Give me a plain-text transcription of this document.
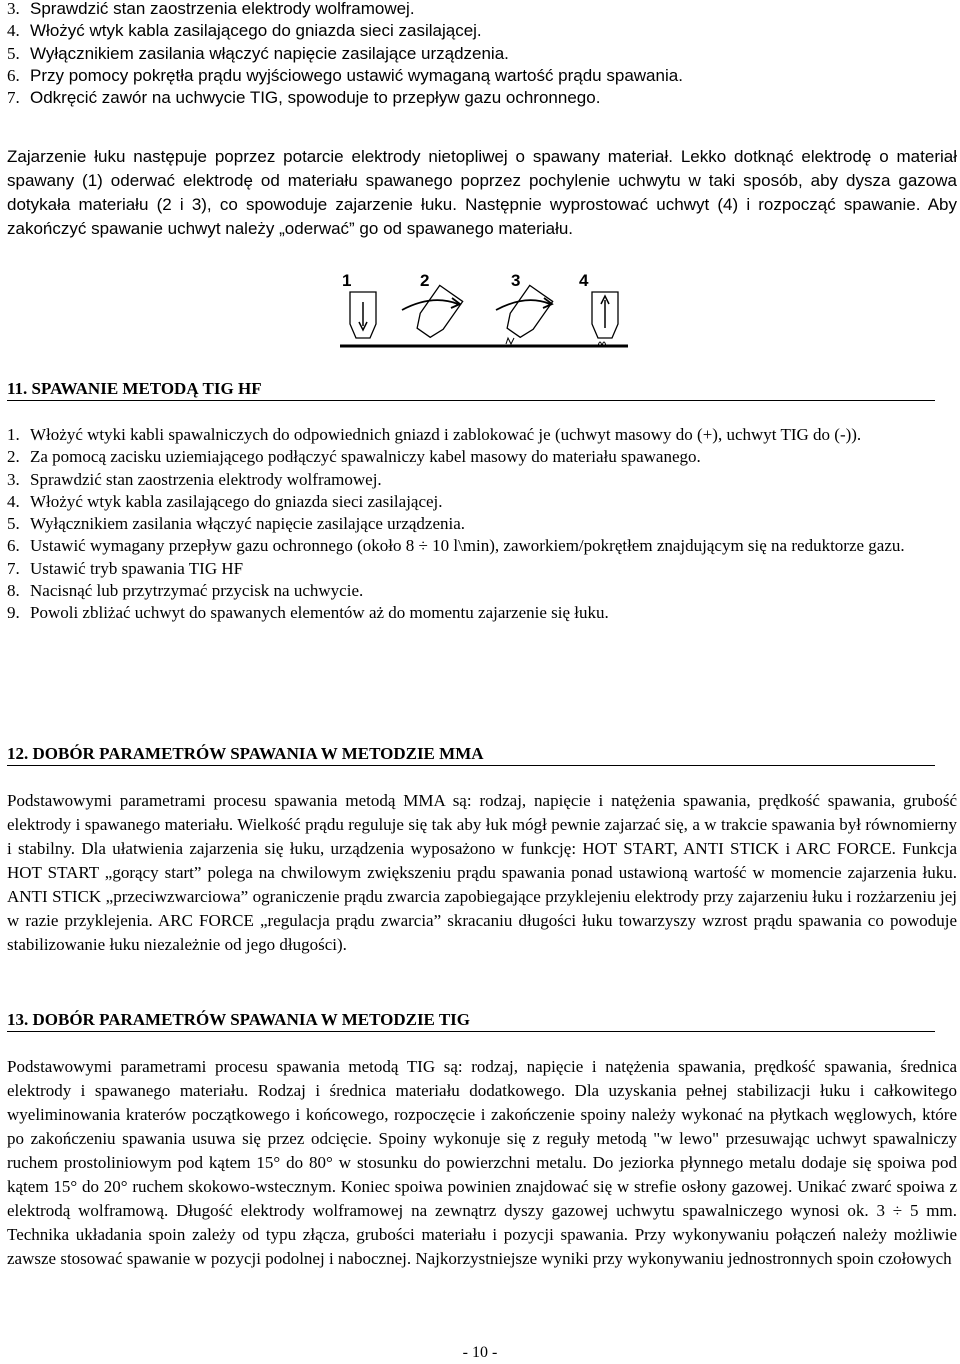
3. Sprawdzić stan zaostrzenia elektrody wolframowej.
4. Włożyć wtyk kabla zasilającego do gniazda sieci zasilającej.
5. Wyłącznikiem zasilania włączyć napięcie zasilające urządzenia.
6. Przy pomocy pokrętła prądu wyjściowego ustawić wymaganą wartość prądu spawania.
7. Odkręcić zawór na uchwycie TIG, spowoduje to przepływ gazu ochronnego.

Zajarzenie łuku następuje poprzez potarcie elektrody nietopliwej o spawany materiał. Lekko dotknąć elektrodę o materiał spawany (1) oderwać elektrodę od materiału spawanego poprzez pochylenie uchwytu w taki sposób, aby dysza gazowa dotykała materiału (2 i 3), co spowoduje zajarzenie łuku. Następnie wyprostować uchwyt (4) i rozpocząć spawanie. Aby zakończyć spawanie uchwyt należy „oderwać” go od spawanego materiału.

1	2	3	4
11. SPAWANIE METODĄ TIG HF
1. Włożyć wtyki kabli spawalniczych do odpowiednich gniazd i zablokować je (uchwyt masowy do (+), uchwyt TIG do (-)).
2. Za pomocą zacisku uziemiającego podłączyć spawalniczy kabel masowy do materiału spawanego.
3. Sprawdzić stan zaostrzenia elektrody wolframowej.
4. Włożyć wtyk kabla zasilającego do gniazda sieci zasilającej.
5. Wyłącznikiem zasilania włączyć napięcie zasilające urządzenia.
6. Ustawić wymagany przepływ gazu ochronnego (około 8 ÷ 10 l\min), zaworkiem/pokrętłem znajdującym się na reduktorze gazu.
7. Ustawić tryb spawania TIG HF
8. Nacisnąć lub przytrzymać przycisk na uchwycie.
9. Powoli zbliżać uchwyt do spawanych elementów aż do momentu zajarzenie się łuku.
12. DOBÓR PARAMETRÓW SPAWANIA W METODZIE MMA

Podstawowymi parametrami procesu spawania metodą MMA są: rodzaj, napięcie i natężenia spawania, prędkość spawania, grubość elektrody i spawanego materiału. Wielkość prądu reguluje się tak aby łuk mógł pewnie zajarzać się, a w trakcie spawania był równomierny i stabilny. Dla ułatwienia zajarzenia się łuku, urządzenia wyposażono w funkcję: HOT START, ANTI STICK i ARC FORCE. Funkcja HOT START „gorący start” polega na chwilowym zwiększeniu prądu spawania ponad ustawioną wartość w momencie zajarzenia łuku. ANTI STICK „przeciwzwarciowa” ograniczenie prądu zwarcia zapobiegające przyklejeniu elektrody przy zajarzeniu łuku i rozżarzeniu jej w razie przyklejenia. ARC FORCE „regulacja prądu zwarcia” skracaniu długości łuku towarzyszy wzrost prądu spawania co powoduje stabilizowanie łuku niezależnie od jego długości).

13. DOBÓR PARAMETRÓW SPAWANIA W METODZIE TIG

Podstawowymi parametrami procesu spawania metodą TIG są: rodzaj, napięcie i natężenia spawania, prędkość spawania, średnica elektrody i spawanego materiału. Rodzaj i średnica materiału dodatkowego. Dla uzyskania pełnej stabilizacji łuku i całkowitego wyeliminowania kraterów początkowego i końcowego, rozpoczęcie i zakończenie spoiny należy wykonać na płytkach węglowych, które po zakończeniu spawania usuwa się przez odcięcie. Spoiny wykonuje się z reguły metodą "w lewo" przesuwając uchwyt spawalniczy ruchem prostoliniowym pod kątem 15° do 80° w stosunku do powierzchni metalu. Do jeziorka płynnego metalu dodaje się spoiwa pod kątem 15° do 20° ruchem skokowo-wstecznym. Koniec spoiwa powinien znajdować się w strefie osłony gazowej. Unikać zwarć spoiwa z elektrodą wolframową. Długość elektrody wolframowej na zewnątrz dyszy gazowej uchwytu spawalniczego wynosi ok. 3 ÷ 5 mm. Technika układania spoin zależy od typu złącza, grubości materiału i pozycji spawania. Przy wykonywaniu połączeń należy możliwie zawsze stosować spawanie w pozycji podolnej i nabocznej. Najkorzystniejsze wyniki przy wykonywaniu jednostronnych spoin czołowych

- 10 -
